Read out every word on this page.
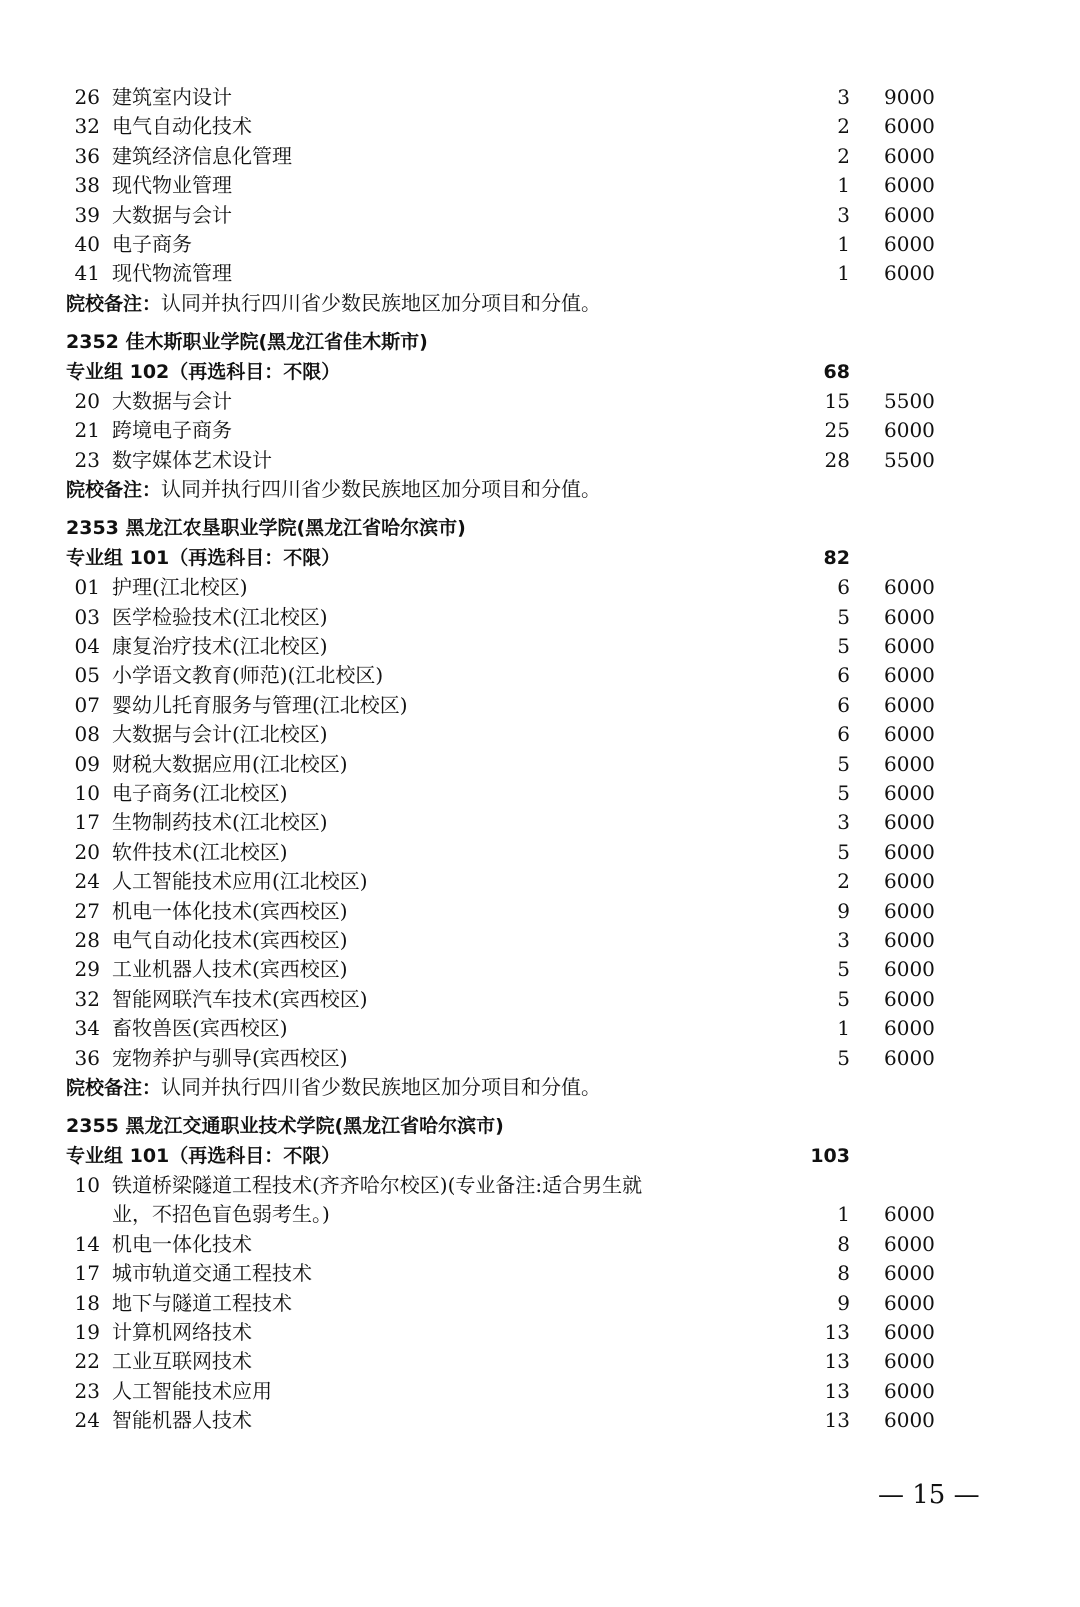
26 建筑室内设计	3 9000
32 电气自动化技术	2 6000
36 建筑经济信息化管理	2 6000
38 现代物业管理	1 6000
39 大数据与会计	3 6000
40 电子商务	1 6000
41 现代物流管理	1 6000
院校备注：认同并执行四川省少数民族地区加分项目和分值。
2352 佳木斯职业学院(黑龙江省佳木斯市)
专业组 102（再选科目：不限）	68
20 大数据与会计	15 5500
21 跨境电子商务	25 6000
23 数字媒体艺术设计	28 5500
院校备注：认同并执行四川省少数民族地区加分项目和分值。
2353 黑龙江农垦职业学院(黑龙江省哈尔滨市)
专业组 101（再选科目：不限）	82
01 护理(江北校区)	6 6000
03 医学检验技术(江北校区)	5 6000
04 康复治疗技术(江北校区)	5 6000
05 小学语文教育(师范)(江北校区)	6 6000
07 婴幼儿托育服务与管理(江北校区)	6 6000
08 大数据与会计(江北校区)	6 6000
09 财税大数据应用(江北校区)	5 6000
10 电子商务(江北校区)	5 6000
17 生物制药技术(江北校区)	3 6000
20 软件技术(江北校区)	5 6000
24 人工智能技术应用(江北校区)	2 6000
27 机电一体化技术(宾西校区)	9 6000
28 电气自动化技术(宾西校区)	3 6000
29 工业机器人技术(宾西校区)	5 6000
32 智能网联汽车技术(宾西校区)	5 6000
34 畜牧兽医(宾西校区)	1 6000
36 宠物养护与驯导(宾西校区)	5 6000
院校备注：认同并执行四川省少数民族地区加分项目和分值。
2355 黑龙江交通职业技术学院(黑龙江省哈尔滨市)
专业组 101（再选科目：不限）	103
10 铁道桥梁隧道工程技术(齐齐哈尔校区)(专业备注:适合男生就
业，不招色盲色弱考生。)	1 6000
14 机电一体化技术	8 6000
17 城市轨道交通工程技术	8 6000
18 地下与隧道工程技术	9 6000
19 计算机网络技术	13 6000
22 工业互联网技术	13 6000
23 人工智能技术应用	13 6000
24 智能机器人技术	13 6000
— 15 —
